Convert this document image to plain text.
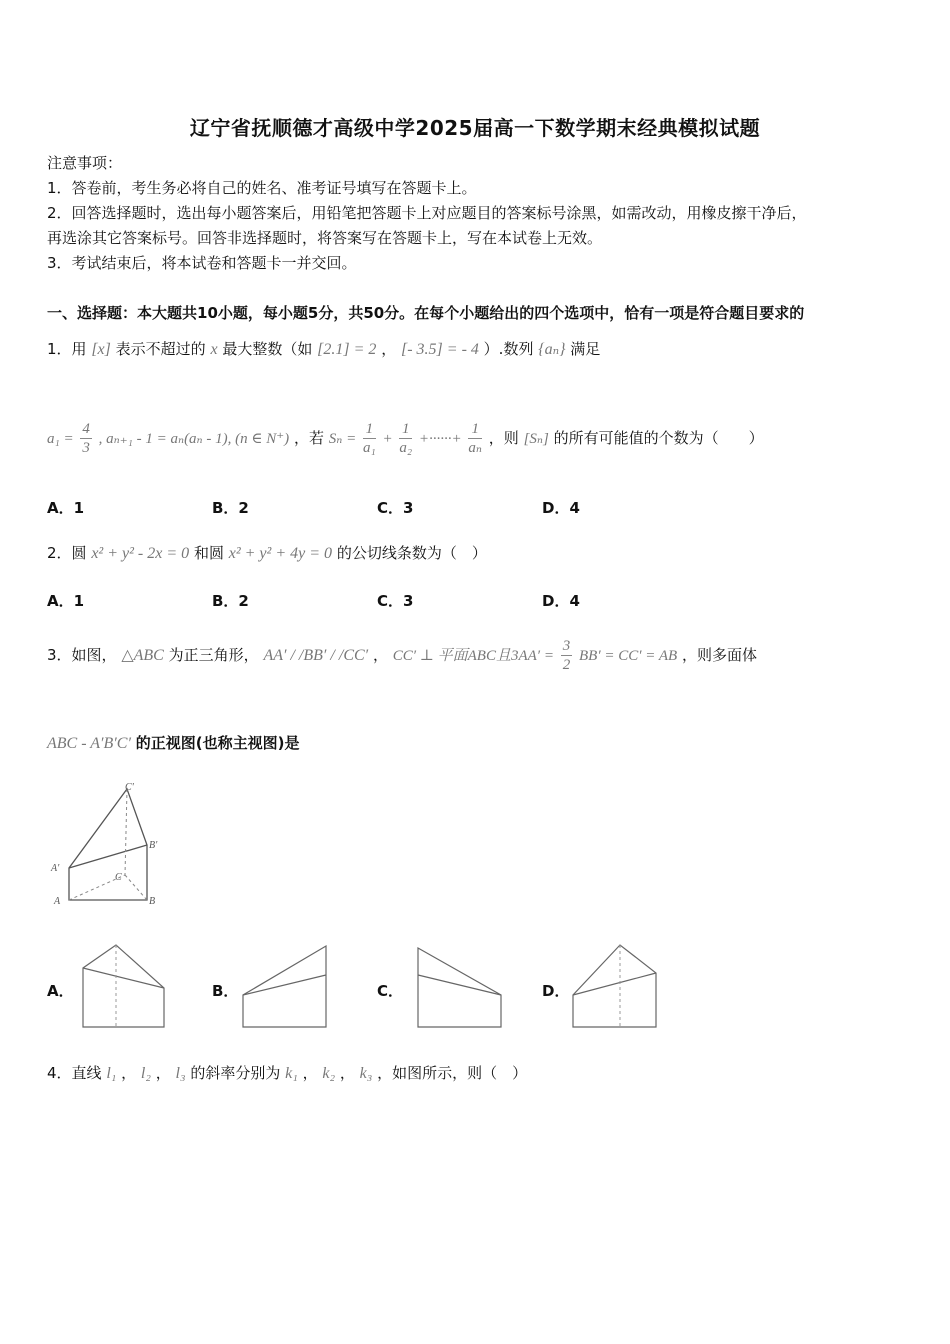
辽宁省抚顺德才高级中学2025届高一下数学期末经典模拟试题
注意事项：
1．答卷前，考生务必将自己的姓名、准考证号填写在答题卡上。
2．回答选择题时，选出每小题答案后，用铅笔把答题卡上对应题目的答案标号涂黑，如需改动，用橡皮擦干净后，
再选涂其它答案标号。回答非选择题时，将答案写在答题卡上，写在本试卷上无效。
3．考试结束后，将本试卷和答题卡一并交回。
一、选择题：本大题共10小题，每小题5分，共50分。在每个小题给出的四个选项中，恰有一项是符合题目要求的
1．用 [x] 表示不超过的 x 最大整数（如 [2.1] = 2 ， [- 3.5] = - 4 ）.数列 {aₙ} 满足
$a_1 = \frac{4}{3}$ , aₙ₊₁ - 1 = aₙ(aₙ - 1), (n ∈ N⁺) ，若 $S_n = \frac{1}{\text{a₁}} + \frac{1}{\text{a₂}}$ +······+ $\frac{1}{\text{aₙ}}$ ，则 [Sₙ] 的所有可能值的个数为（　　）
A．1	B．2	C．3	D．4
2．圆 x² + y² - 2x = 0 和圆 x² + y² + 4y = 0 的公切线条数为（　）
A．1	B．2	C．3	D．4
3．如图， △ABC 为正三角形， AA′ / /BB′ / /CC′ ， CC′ ⊥ 平面ABC且$3AA' = \frac{3}{2} BB' = CC'$ = AB ，则多面体
ABC - A′B′C′ 的正视图(也称主视图)是
C'
B'
A'
C
A	B
A．	B．	C．	D．
4．直线 l₁ ， l₂ ， l₃ 的斜率分别为 k₁ ， k₂ ， k₃ ，如图所示，则（　）
